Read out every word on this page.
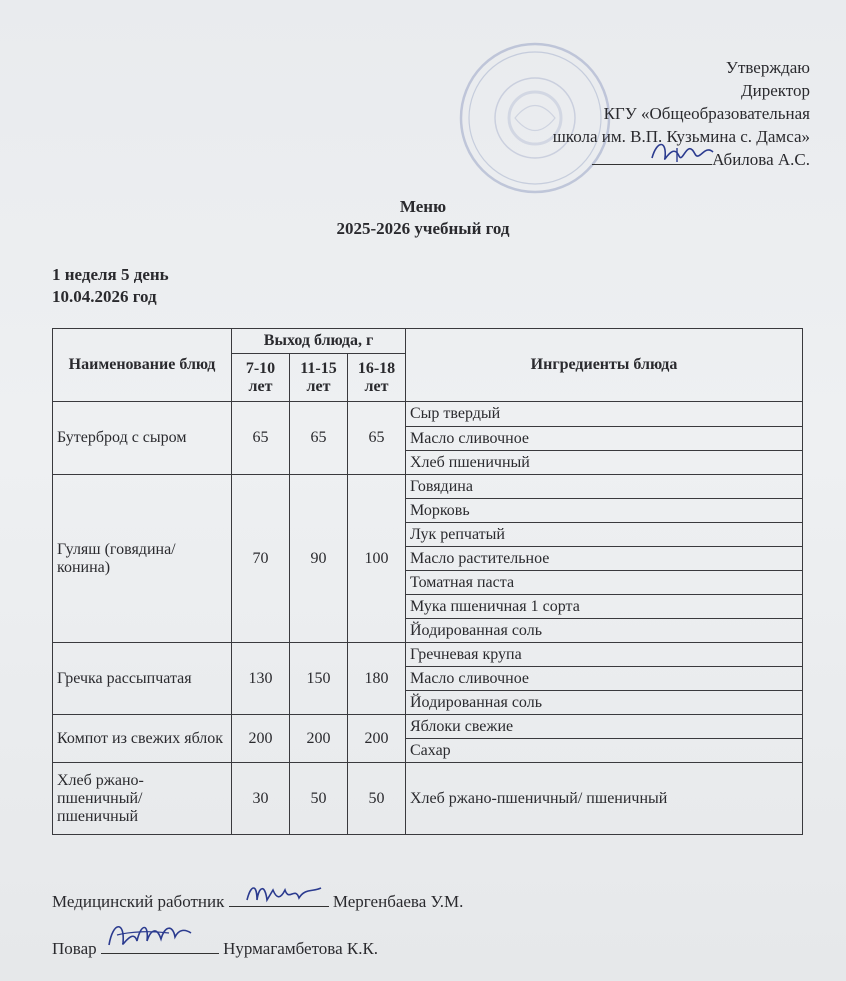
Утверждаю
Директор
КГУ «Общеобразовательная
школа им. В.П. Кузьмина с. Дамса»
Абилова А.С.
Меню
2025-2026 учебный год
1 неделя 5 день
10.04.2026 год
Наименование блюд	Выход блюда, г			Ингредиенты блюда
	7-10 лет	11-15 лет	16-18 лет	
Бутерброд с сыром	65	65	65	Сыр твердый
				Масло сливочное
				Хлеб пшеничный
Гуляш (говядина/ конина)	70	90	100	Говядина
				Морковь
				Лук репчатый
				Масло растительное
				Томатная паста
				Мука пшеничная 1 сорта
				Йодированная соль
Гречка рассыпчатая	130	150	180	Гречневая крупа
				Масло сливочное
				Йодированная соль
Компот из свежих яблок	200	200	200	Яблоки свежие
				Сахар
Хлеб ржано-пшеничный/ пшеничный	30	50	50	Хлеб ржано-пшеничный/ пшеничный
Медицинский работник	Мергенбаева У.М.
Повар	Нурмагамбетова К.К.
